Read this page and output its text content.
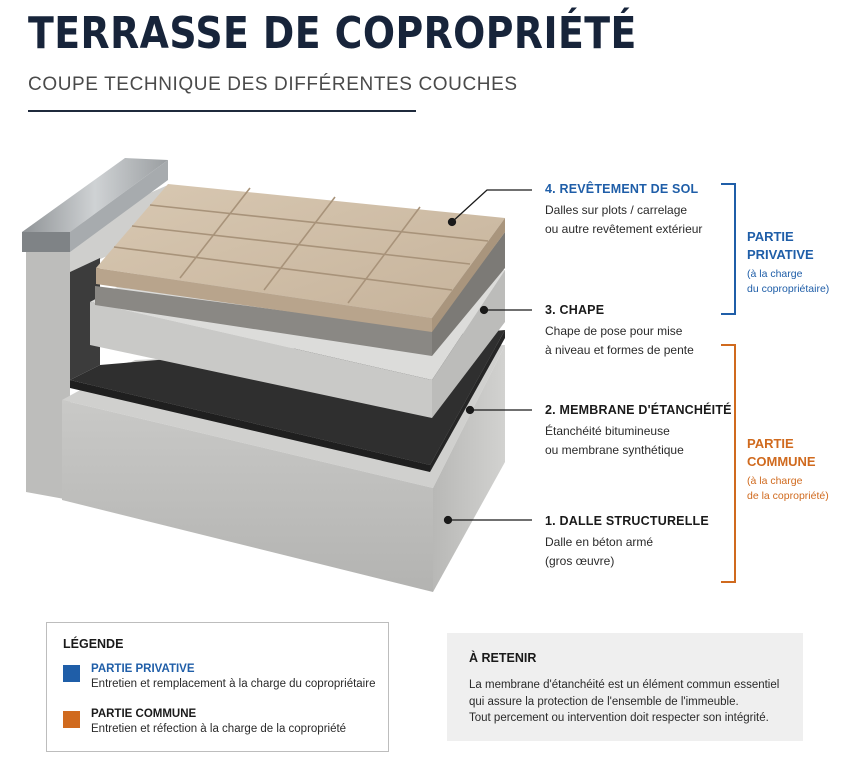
TERRASSE DE COPROPRIÉTÉ
COUPE TECHNIQUE DES DIFFÉRENTES COUCHES
4. REVÊTEMENT DE SOL
Dalles sur plots / carrelage
ou autre revêtement extérieur
3. CHAPE
Chape de pose pour mise
à niveau et formes de pente
2. MEMBRANE D'ÉTANCHÉITÉ
Étanchéité bitumineuse
ou membrane synthétique
1. DALLE STRUCTURELLE
Dalle en béton armé
(gros œuvre)
PARTIE
PRIVATIVE
(à la charge
du copropriétaire)
PARTIE
COMMUNE
(à la charge
de la copropriété)
LÉGENDE
PARTIE PRIVATIVE
Entretien et remplacement à la charge du copropriétaire
PARTIE COMMUNE
Entretien et réfection à la charge de la copropriété
À RETENIR
La membrane d'étanchéité est un élément commun essentiel
qui assure la protection de l'ensemble de l'immeuble.
Tout percement ou intervention doit respecter son intégrité.
